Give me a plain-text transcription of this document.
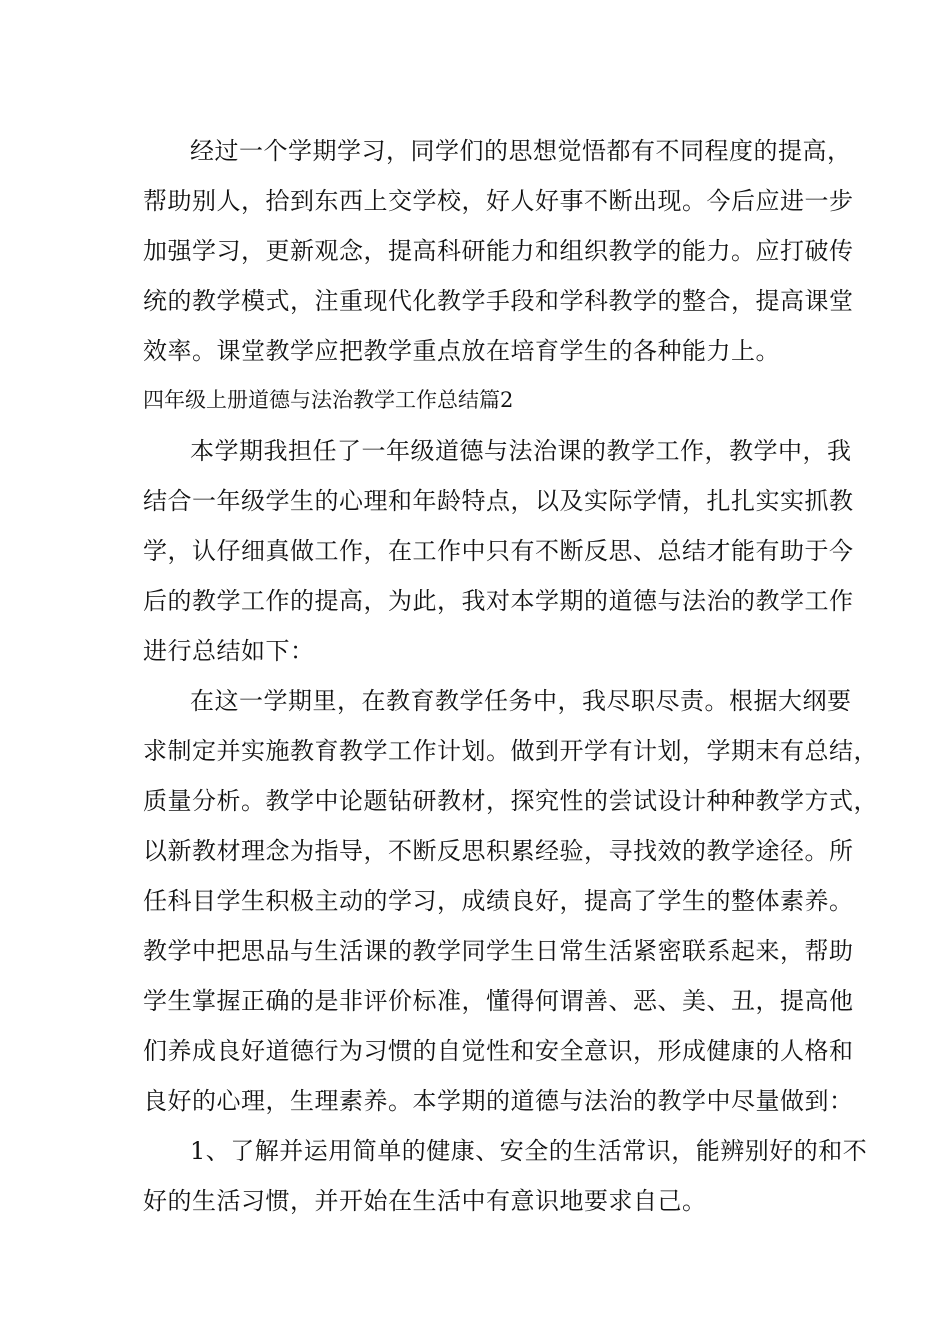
经过一个学期学习，同学们的思想觉悟都有不同程度的提高，
帮助别人，拾到东西上交学校，好人好事不断出现。今后应进一步
加强学习，更新观念，提高科研能力和组织教学的能力。应打破传
统的教学模式，注重现代化教学手段和学科教学的整合，提高课堂
效率。课堂教学应把教学重点放在培育学生的各种能力上。
四年级上册道德与法治教学工作总结篇2
本学期我担任了一年级道德与法治课的教学工作，教学中，我
结合一年级学生的心理和年龄特点，以及实际学情，扎扎实实抓教
学，认仔细真做工作，在工作中只有不断反思、总结才能有助于今
后的教学工作的提高，为此，我对本学期的道德与法治的教学工作
进行总结如下：
在这一学期里，在教育教学任务中，我尽职尽责。根据大纲要
求制定并实施教育教学工作计划。做到开学有计划，学期末有总结，
质量分析。教学中论题钻研教材，探究性的尝试设计种种教学方式，
以新教材理念为指导，不断反思积累经验，寻找效的教学途径。所
任科目学生积极主动的学习，成绩良好，提高了学生的整体素养。
教学中把思品与生活课的教学同学生日常生活紧密联系起来，帮助
学生掌握正确的是非评价标准，懂得何谓善、恶、美、丑，提高他
们养成良好道德行为习惯的自觉性和安全意识，形成健康的人格和
良好的心理，生理素养。本学期的道德与法治的教学中尽量做到：
1、了解并运用简单的健康、安全的生活常识，能辨别好的和不
好的生活习惯，并开始在生活中有意识地要求自己。
